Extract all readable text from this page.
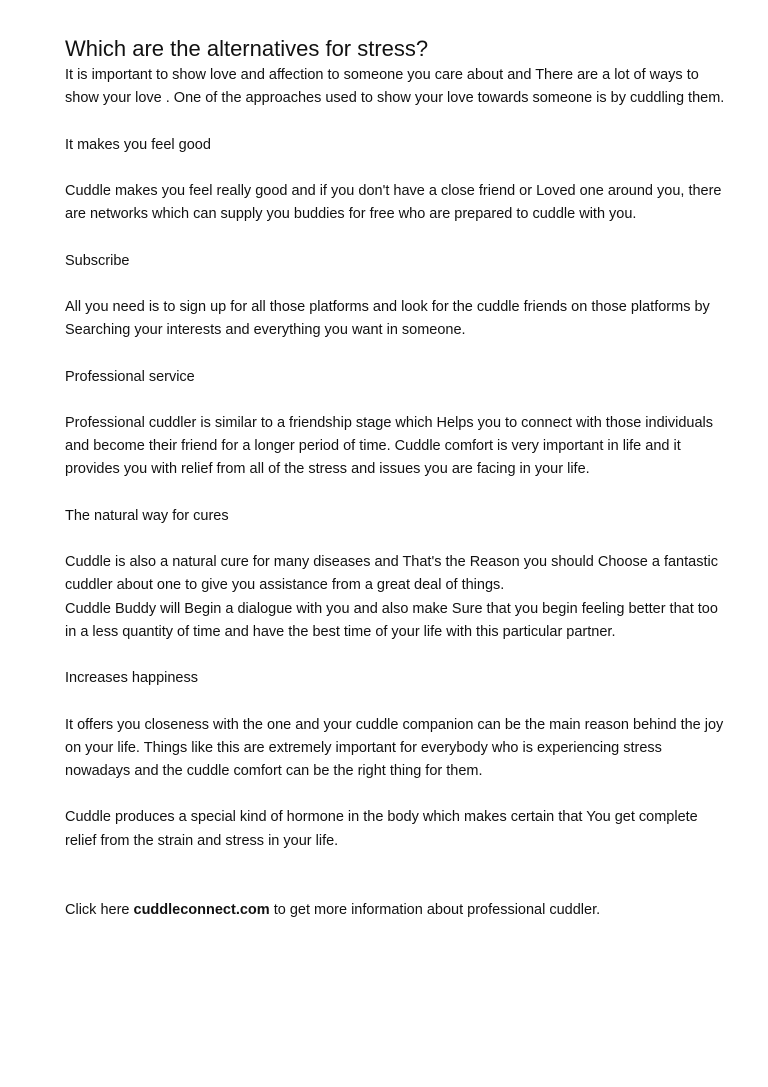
Which are the alternatives for stress?

It is important to show love and affection to someone you care about and There are a lot of ways to show your love . One of the approaches used to show your love towards someone is by cuddling them.

It makes you feel good

Cuddle makes you feel really good and if you don't have a close friend or Loved one around you, there are networks which can supply you buddies for free who are prepared to cuddle with you.

Subscribe

All you need is to sign up for all those platforms and look for the cuddle friends on those platforms by Searching your interests and everything you want in someone.

Professional service

Professional cuddler is similar to a friendship stage which Helps you to connect with those individuals and become their friend for a longer period of time. Cuddle comfort is very important in life and it provides you with relief from all of the stress and issues you are facing in your life.

The natural way for cures

Cuddle is also a natural cure for many diseases and That's the Reason you should Choose a fantastic cuddler about one to give you assistance from a great deal of things.

Cuddle Buddy will Begin a dialogue with you and also make Sure that you begin feeling better that too in a less quantity of time and have the best time of your life with this particular partner.

Increases happiness

It offers you closeness with the one and your cuddle companion can be the main reason behind the joy on your life. Things like this are extremely important for everybody who is experiencing stress nowadays and the cuddle comfort can be the right thing for them.

Cuddle produces a special kind of hormone in the body which makes certain that You get complete relief from the strain and stress in your life.

Click here cuddleconnect.com to get more information about professional cuddler.
